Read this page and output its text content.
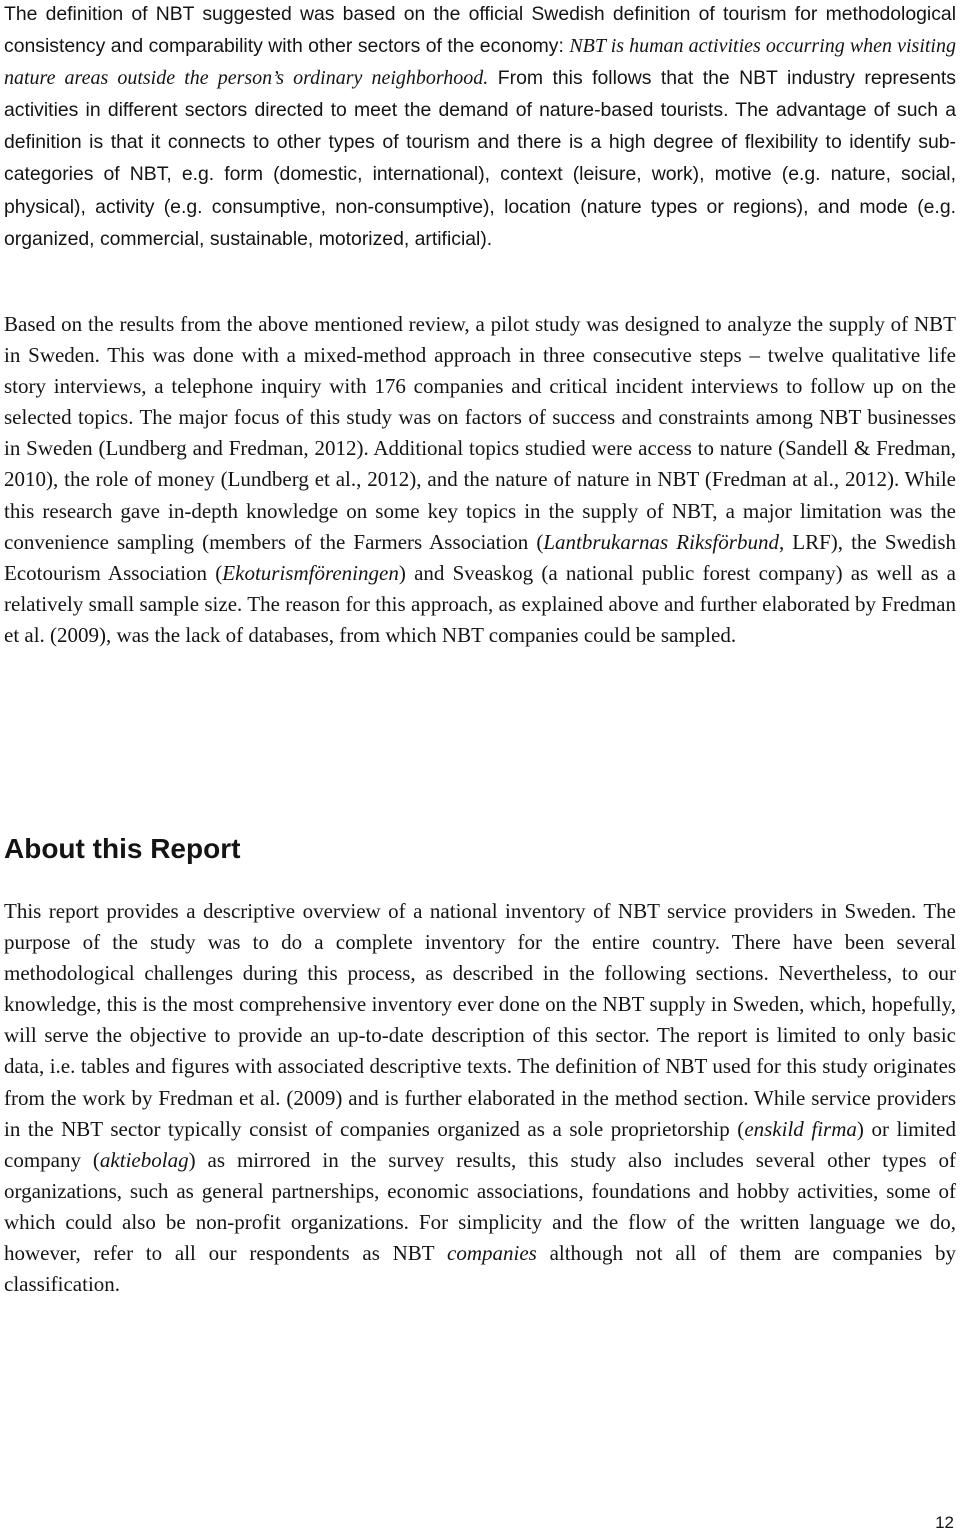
The definition of NBT suggested was based on the official Swedish definition of tourism for methodological consistency and comparability with other sectors of the economy: NBT is human activities occurring when visiting nature areas outside the person’s ordinary neighborhood. From this follows that the NBT industry represents activities in different sectors directed to meet the demand of nature-based tourists. The advantage of such a definition is that it connects to other types of tourism and there is a high degree of flexibility to identify sub-categories of NBT, e.g. form (domestic, international), context (leisure, work), motive (e.g. nature, social, physical), activity (e.g. consumptive, non-consumptive), location (nature types or regions), and mode (e.g. organized, commercial, sustainable, motorized, artificial).

Based on the results from the above mentioned review, a pilot study was designed to analyze the supply of NBT in Sweden. This was done with a mixed-method approach in three consecutive steps – twelve qualitative life story interviews, a telephone inquiry with 176 companies and critical incident interviews to follow up on the selected topics. The major focus of this study was on factors of success and constraints among NBT businesses in Sweden (Lundberg and Fredman, 2012). Additional topics studied were access to nature (Sandell & Fredman, 2010), the role of money (Lundberg et al., 2012), and the nature of nature in NBT (Fredman at al., 2012). While this research gave in-depth knowledge on some key topics in the supply of NBT, a major limitation was the convenience sampling (members of the Farmers Association (Lantbrukarnas Riksförbund, LRF), the Swedish Ecotourism Association (Ekoturismföreningen) and Sveaskog (a national public forest company) as well as a relatively small sample size. The reason for this approach, as explained above and further elaborated by Fredman et al. (2009), was the lack of databases, from which NBT companies could be sampled.

About this Report

This report provides a descriptive overview of a national inventory of NBT service providers in Sweden. The purpose of the study was to do a complete inventory for the entire country. There have been several methodological challenges during this process, as described in the following sections. Nevertheless, to our knowledge, this is the most comprehensive inventory ever done on the NBT supply in Sweden, which, hopefully, will serve the objective to provide an up-to-date description of this sector. The report is limited to only basic data, i.e. tables and figures with associated descriptive texts. The definition of NBT used for this study originates from the work by Fredman et al. (2009) and is further elaborated in the method section. While service providers in the NBT sector typically consist of companies organized as a sole proprietorship (enskild firma) or limited company (aktiebolag) as mirrored in the survey results, this study also includes several other types of organizations, such as general partnerships, economic associations, foundations and hobby activities, some of which could also be non-profit organizations. For simplicity and the flow of the written language we do, however, refer to all our respondents as NBT companies although not all of them are companies by classification.

12
